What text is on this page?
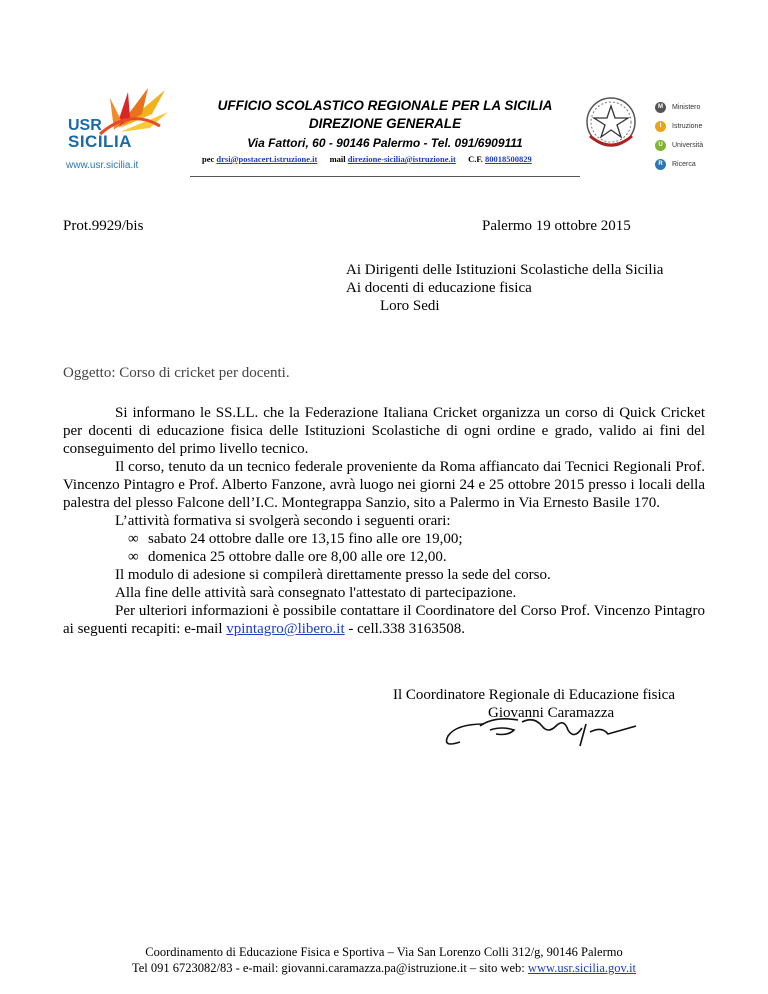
USR
SICILIA
www.usr.sicilia.it
UFFICIO SCOLASTICO REGIONALE PER LA SICILIA
DIREZIONE GENERALE
Via Fattori, 60 - 90146 Palermo - Tel. 091/6909111
pec drsi@postacert.istruzione.it mail direzione-sicilia@istruzione.it C.F. 80018500829
M	Ministero
I	Istruzione
U	Università
R	Ricerca
Prot.9929/bis	Palermo 19 ottobre 2015
Ai Dirigenti delle Istituzioni Scolastiche della Sicilia
Ai docenti di educazione fisica
Loro Sedi
Oggetto: Corso di cricket per docenti.
Si informano le SS.LL. che la Federazione Italiana Cricket organizza un corso di Quick Cricket per docenti di educazione fisica delle Istituzioni Scolastiche di ogni ordine e grado, valido ai fini del conseguimento del primo livello tecnico.
Il corso, tenuto da un tecnico federale proveniente da Roma affiancato dai Tecnici Regionali Prof. Vincenzo Pintagro e Prof. Alberto Fanzone, avrà luogo nei giorni 24 e 25 ottobre 2015 presso i locali della palestra del plesso Falcone dell’I.C. Montegrappa Sanzio, sito a Palermo in Via Ernesto Basile 170.
L’attività formativa si svolgerà secondo i seguenti orari:
∞ sabato 24 ottobre dalle ore 13,15 fino alle ore 19,00;
∞ domenica 25 ottobre dalle ore 8,00 alle ore 12,00.
Il modulo di adesione si compilerà direttamente presso la sede del corso.
Alla fine delle attività sarà consegnato l'attestato di partecipazione.
Per ulteriori informazioni è possibile contattare il Coordinatore del Corso Prof. Vincenzo Pintagro ai seguenti recapiti: e-mail vpintagro@libero.it - cell.338 3163508.
Il Coordinatore Regionale di Educazione fisica
Giovanni Caramazza
Coordinamento di Educazione Fisica e Sportiva – Via San Lorenzo Colli 312/g, 90146 Palermo
Tel 091 6723082/83 - e-mail: giovanni.caramazza.pa@istruzione.it – sito web: www.usr.sicilia.gov.it
